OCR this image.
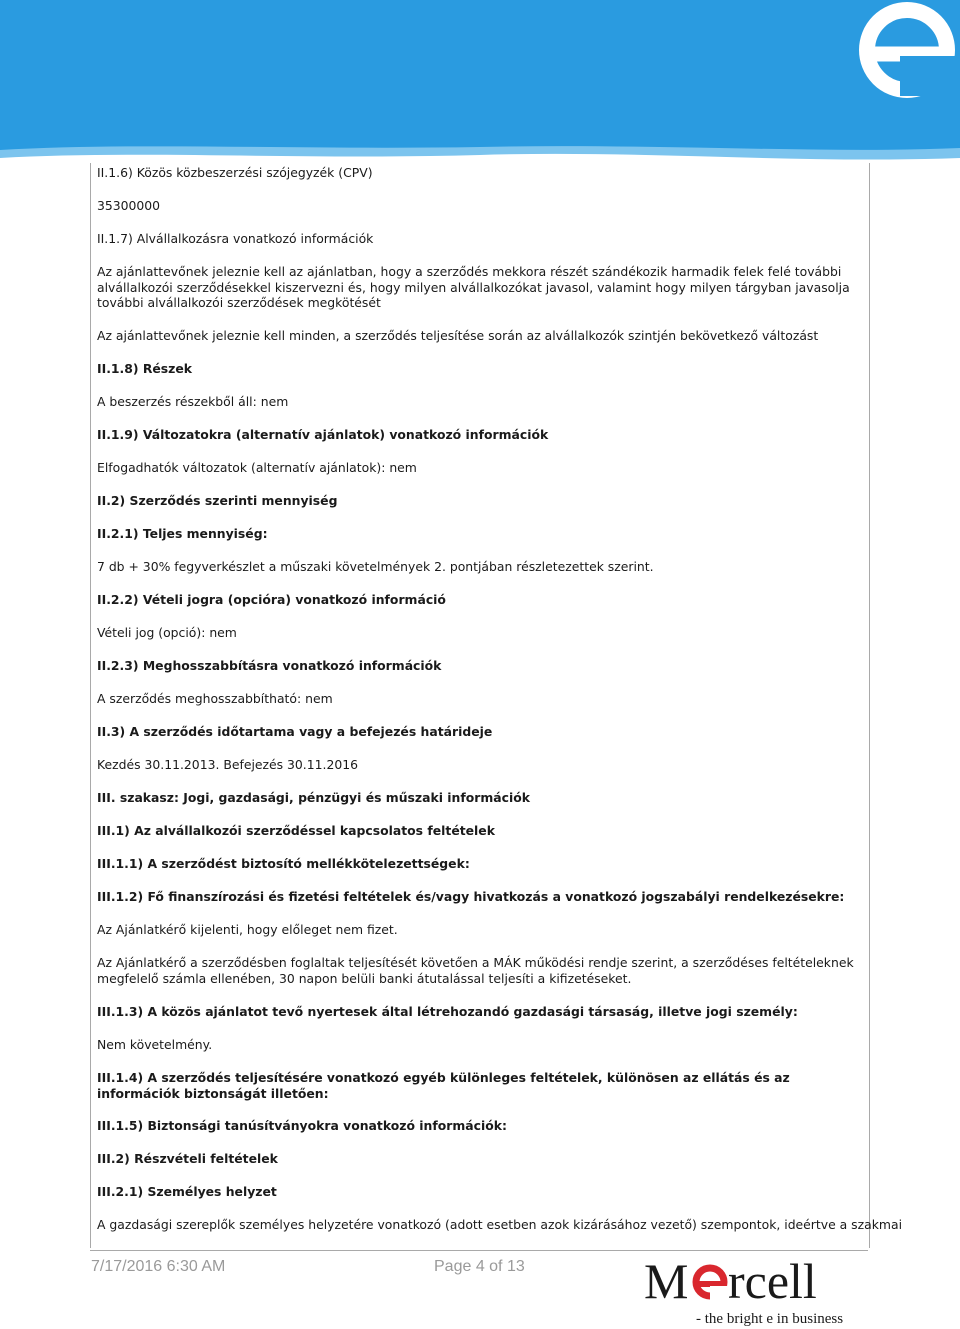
II.1.6) Közös közbeszerzési szójegyzék (CPV)
35300000
II.1.7) Alvállalkozásra vonatkozó információk
Az ajánlattevőnek jeleznie kell az ajánlatban, hogy a szerződés mekkora részét szándékozik harmadik felek felé további alvállalkozói szerződésekkel kiszervezni és, hogy milyen alvállalkozókat javasol, valamint hogy milyen tárgyban javasolja további alvállalkozói szerződések megkötését
Az ajánlattevőnek jeleznie kell minden, a szerződés teljesítése során az alvállalkozók szintjén bekövetkező változást
II.1.8) Részek
A beszerzés részekből áll: nem
II.1.9) Változatokra (alternatív ajánlatok) vonatkozó információk
Elfogadhatók változatok (alternatív ajánlatok): nem
II.2) Szerződés szerinti mennyiség
II.2.1) Teljes mennyiség:
7 db + 30% fegyverkészlet a műszaki követelmények 2. pontjában részletezettek szerint.
II.2.2) Vételi jogra (opcióra) vonatkozó információ
Vételi jog (opció): nem
II.2.3) Meghosszabbításra vonatkozó információk
A szerződés meghosszabbítható: nem
II.3) A szerződés időtartama vagy a befejezés határideje
Kezdés 30.11.2013. Befejezés 30.11.2016
III. szakasz: Jogi, gazdasági, pénzügyi és műszaki információk
III.1) Az alvállalkozói szerződéssel kapcsolatos feltételek
III.1.1) A szerződést biztosító mellékkötelezettségek:
III.1.2) Fő finanszírozási és fizetési feltételek és/vagy hivatkozás a vonatkozó jogszabályi rendelkezésekre:
Az Ajánlatkérő kijelenti, hogy előleget nem fizet.
Az Ajánlatkérő a szerződésben foglaltak teljesítését követően a MÁK működési rendje szerint, a szerződéses feltételeknek megfelelő számla ellenében, 30 napon belüli banki átutalással teljesíti a kifizetéseket.
III.1.3) A közös ajánlatot tevő nyertesek által létrehozandó gazdasági társaság, illetve jogi személy:
Nem követelmény.
III.1.4) A szerződés teljesítésére vonatkozó egyéb különleges feltételek, különösen az ellátás és az információk biztonságát illetően:
III.1.5) Biztonsági tanúsítványokra vonatkozó információk:
III.2) Részvételi feltételek
III.2.1) Személyes helyzet
A gazdasági szereplők személyes helyzetére vonatkozó (adott esetben azok kizárásához vezető) szempontok, ideértve a szakmai
7/17/2016 6:30 AM	Page 4 of 13 M rcell
- the bright e in business
